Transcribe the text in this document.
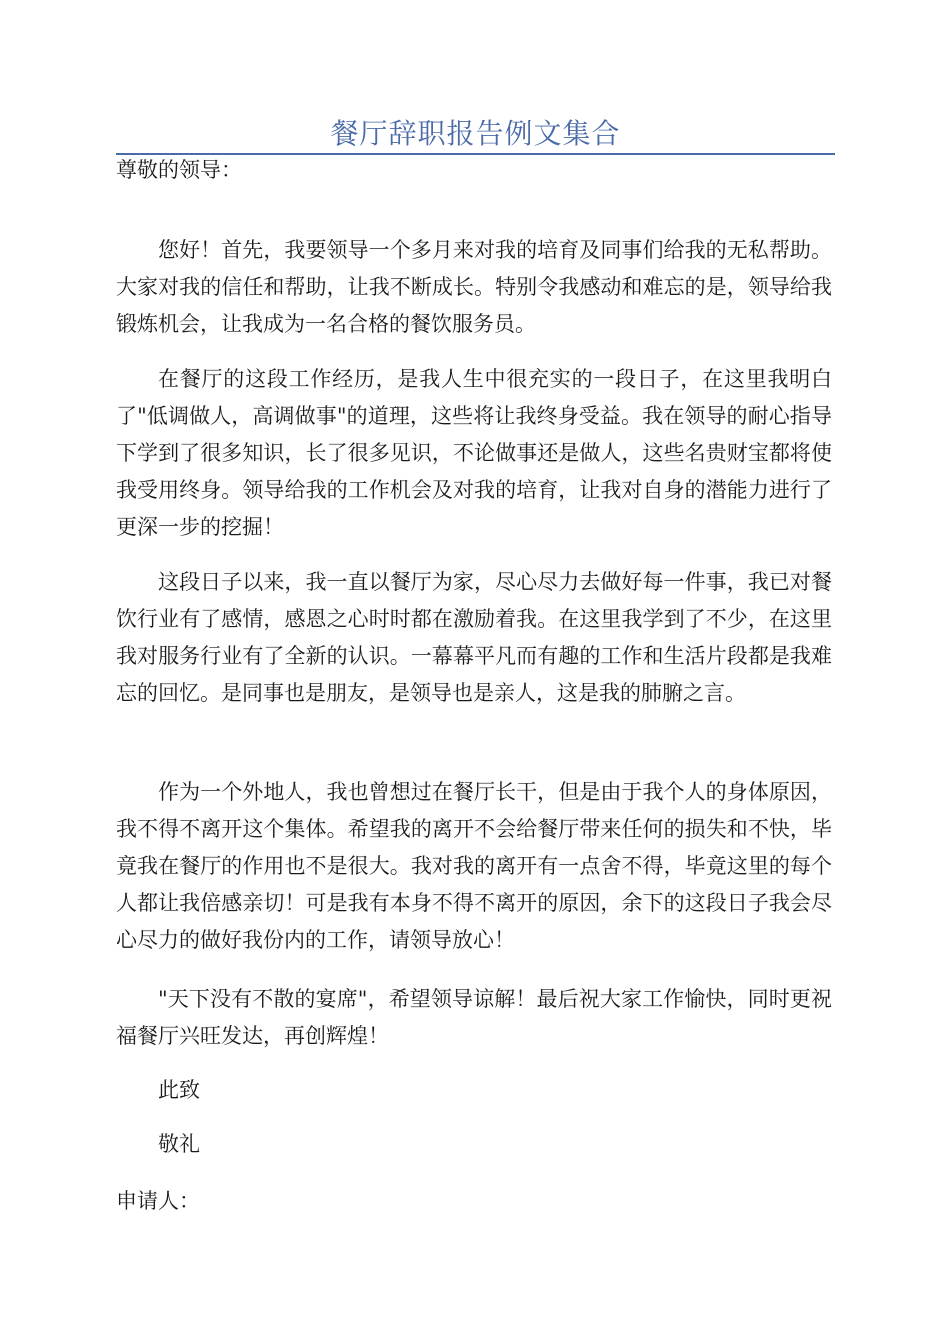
餐厅辞职报告例文集合

尊敬的领导：

您好！首先，我要领导一个多月来对我的培育及同事们给我的无私帮助。大家对我的信任和帮助，让我不断成长。特别令我感动和难忘的是，领导给我锻炼机会，让我成为一名合格的餐饮服务员。

在餐厅的这段工作经历，是我人生中很充实的一段日子，在这里我明白了"低调做人，高调做事"的道理，这些将让我终身受益。我在领导的耐心指导下学到了很多知识，长了很多见识，不论做事还是做人，这些名贵财宝都将使我受用终身。领导给我的工作机会及对我的培育，让我对自身的潜能力进行了更深一步的挖掘！

这段日子以来，我一直以餐厅为家，尽心尽力去做好每一件事，我已对餐饮行业有了感情，感恩之心时时都在激励着我。在这里我学到了不少，在这里我对服务行业有了全新的认识。一幕幕平凡而有趣的工作和生活片段都是我难忘的回忆。是同事也是朋友，是领导也是亲人，这是我的肺腑之言。

作为一个外地人，我也曾想过在餐厅长干，但是由于我个人的身体原因，我不得不离开这个集体。希望我的离开不会给餐厅带来任何的损失和不快，毕竟我在餐厅的作用也不是很大。我对我的离开有一点舍不得，毕竟这里的每个人都让我倍感亲切！可是我有本身不得不离开的原因，余下的这段日子我会尽心尽力的做好我份内的工作，请领导放心！

"天下没有不散的宴席"，希望领导谅解！最后祝大家工作愉快，同时更祝福餐厅兴旺发达，再创辉煌！

此致

敬礼

申请人：
